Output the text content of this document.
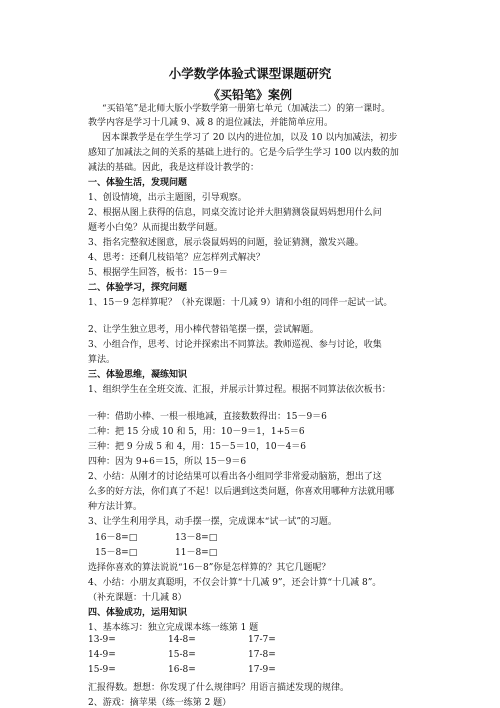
小学数学体验式课型课题研究
《买铅笔》案例
“买铅笔”是北师大版小学数学第一册第七单元（加减法二）的第一课时。
教学内容是学习十几减 9、减 8 的退位减法，并能简单应用。
因本课教学是在学生学习了 20 以内的进位加，以及 10 以内加减法，初步
感知了加减法之间的关系的基础上进行的。它是今后学生学习 100 以内数的加
减法的基础。因此，我是这样设计教学的：
一、体验生活，发现问题
1、创设情境，出示主题图，引导观察。
2、根据从图上获得的信息，同桌交流讨论并大胆猜测袋鼠妈妈想用什么问
题考小白兔？从而提出数学问题。
3、指名完整叙述图意，展示袋鼠妈妈的问题，验证猜测，激发兴趣。
4、思考：还剩几枝铅笔？应怎样列式解决？
5、根据学生回答，板书：15－9＝
二、体验学习，探究问题
1、15－9 怎样算呢？（补充课题：十几减 9）请和小组的同伴一起试一试。
2、让学生独立思考，用小棒代替铅笔摆一摆，尝试解题。
3、小组合作，思考、讨论并探索出不同算法。教师巡视、参与讨论，收集
算法。
三、体验思维，凝练知识
1、组织学生在全班交流、汇报，并展示计算过程。根据不同算法依次板书：
一种：借助小棒、一根一根地减，直接数数得出：15－9＝6
二种：把 15 分成 10 和 5，用：10－9＝1，1+5＝6
三种：把 9 分成 5 和 4，用：15－5＝10，10－4＝6
四种：因为 9+6＝15，所以 15－9＝6
2、小结：从刚才的讨论结果可以看出各小组同学非常爱动脑筋，想出了这
么多的好方法，你们真了不起！以后遇到这类问题，你喜欢用哪种方法就用哪
种方法计算。
3、让学生利用学具，动手摆一摆，完成课本“试一试”的习题。
选择你喜欢的算法说说“16－8”你是怎样算的？其它几题呢？
4、小结：小朋友真聪明，不仅会计算“十几减 9”，还会计算“十几减 8”。
（补充课题：十几减 8）
四、体验成功，运用知识
1、基本练习：独立完成课本练一练第 1 题
汇报得数。想想：你发现了什么规律吗？用语言描述发现的规律。
2、游戏：摘苹果（练一练第 2 题）
16－8=□	13－8=□
15－8=□	11－8=□
13-9=	14-8=	17-7=
14-9=	15-8=	17-8=
15-9=	16-8=	17-9=
